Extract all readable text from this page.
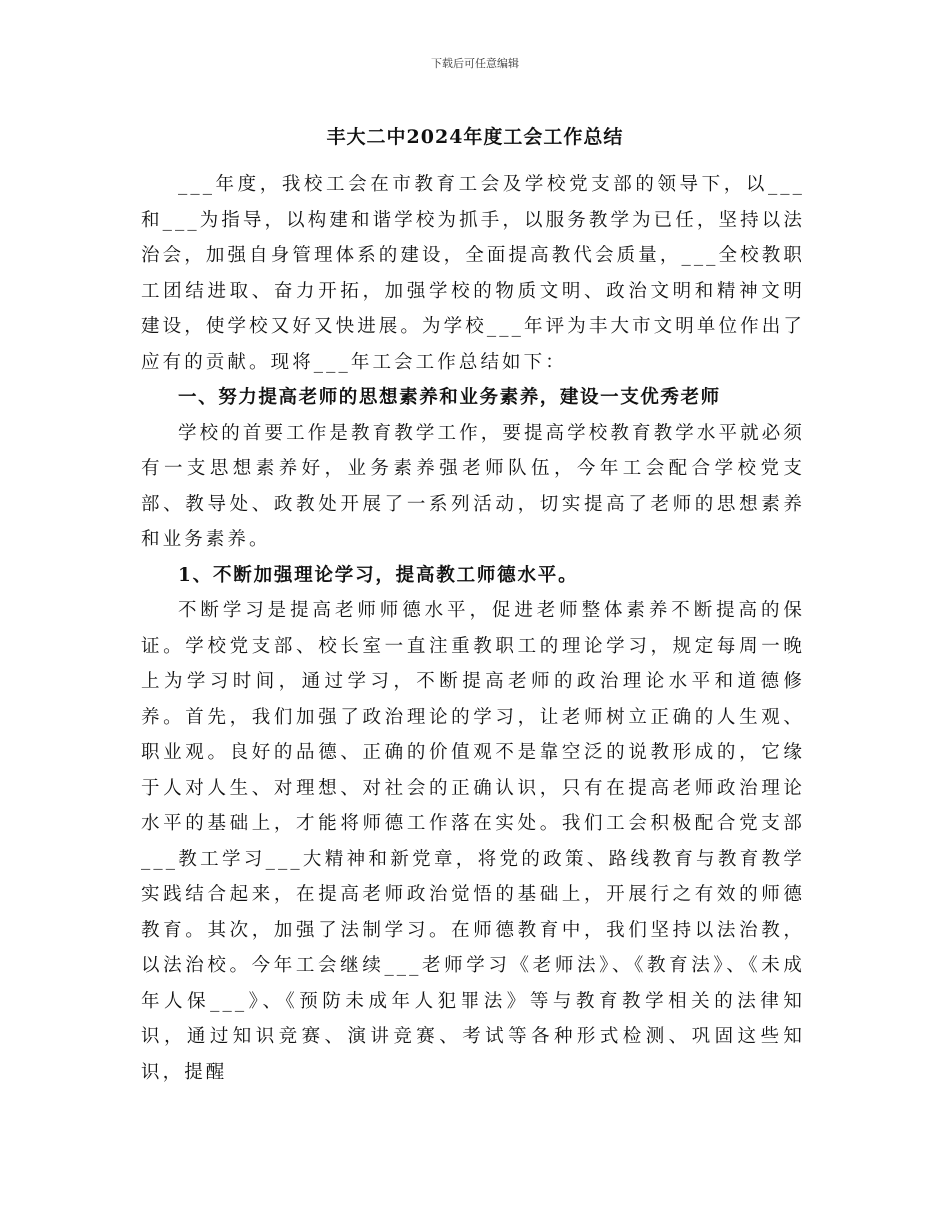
下载后可任意编辑
丰大二中2024年度工会工作总结

___年度，我校工会在市教育工会及学校党支部的领导下，以___和___为指导，以构建和谐学校为抓手，以服务教学为已任，坚持以法治会，加强自身管理体系的建设，全面提高教代会质量，___全校教职工团结进取、奋力开拓，加强学校的物质文明、政治文明和精神文明建设，使学校又好又快进展。为学校___年评为丰大市文明单位作出了应有的贡献。现将___年工会工作总结如下：

一、努力提高老师的思想素养和业务素养，建设一支优秀老师

学校的首要工作是教育教学工作，要提高学校教育教学水平就必须有一支思想素养好，业务素养强老师队伍，今年工会配合学校党支部、教导处、政教处开展了一系列活动，切实提高了老师的思想素养和业务素养。

1、不断加强理论学习，提高教工师德水平。

不断学习是提高老师师德水平，促进老师整体素养不断提高的保证。学校党支部、校长室一直注重教职工的理论学习，规定每周一晚上为学习时间，通过学习，不断提高老师的政治理论水平和道德修养。首先，我们加强了政治理论的学习，让老师树立正确的人生观、职业观。良好的品德、正确的价值观不是靠空泛的说教形成的，它缘于人对人生、对理想、对社会的正确认识，只有在提高老师政治理论水平的基础上，才能将师德工作落在实处。我们工会积极配合党支部___教工学习___大精神和新党章，将党的政策、路线教育与教育教学实践结合起来，在提高老师政治觉悟的基础上，开展行之有效的师德教育。其次，加强了法制学习。在师德教育中，我们坚持以法治教，以法治校。今年工会继续___老师学习《老师法》、《教育法》、《未成年人保___》、《预防未成年人犯罪法》等与教育教学相关的法律知识，通过知识竞赛、演讲竞赛、考试等各种形式检测、巩固这些知识，提醒
